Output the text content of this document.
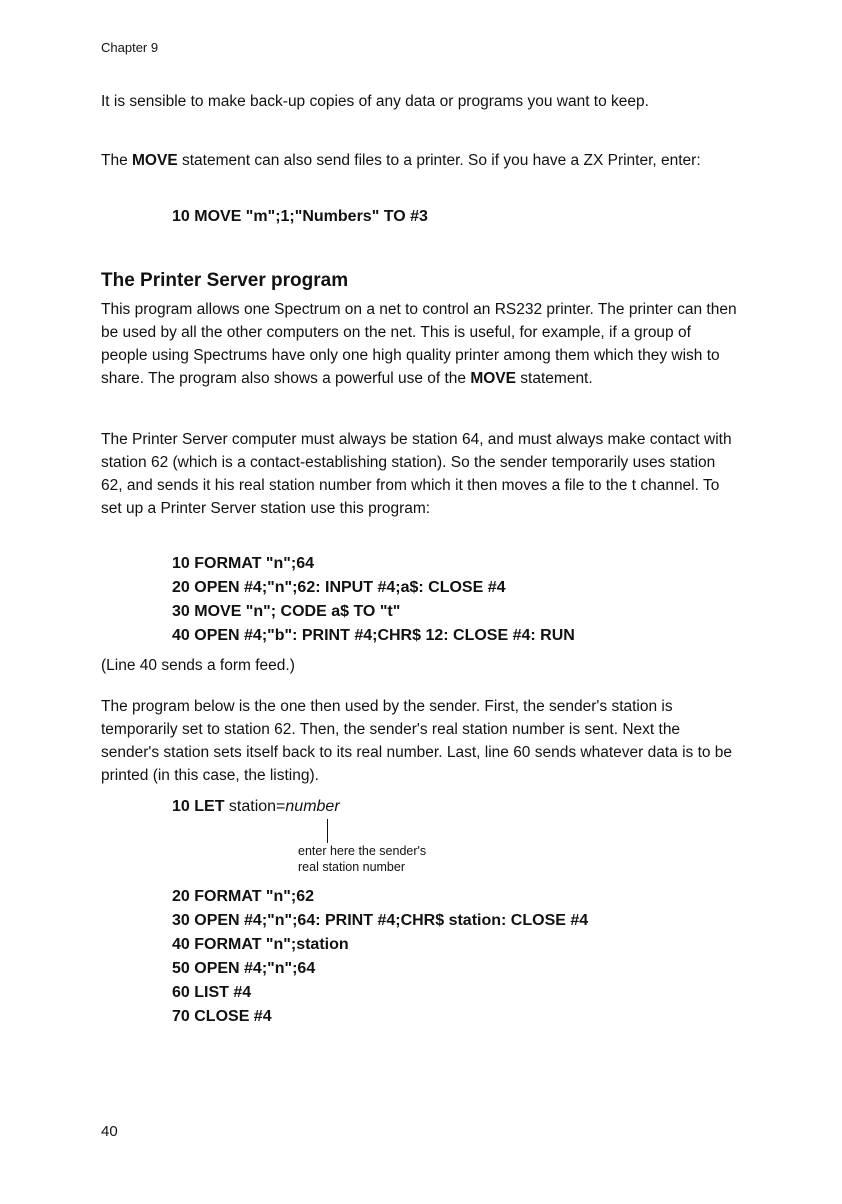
Chapter 9
It is sensible to make back-up copies of any data or programs you want to keep.
The MOVE statement can also send files to a printer. So if you have a ZX Printer, enter:
10 MOVE "m";1;"Numbers" TO #3
The Printer Server program
This program allows one Spectrum on a net to control an RS232 printer. The printer can then be used by all the other computers on the net. This is useful, for example, if a group of people using Spectrums have only one high quality printer among them which they wish to share. The program also shows a powerful use of the MOVE statement.
The Printer Server computer must always be station 64, and must always make contact with station 62 (which is a contact-establishing station). So the sender temporarily uses station 62, and sends it his real station number from which it then moves a file to the t channel. To set up a Printer Server station use this program:
10 FORMAT "n";64
20 OPEN #4;"n";62: INPUT #4;a$: CLOSE #4
30 MOVE "n"; CODE a$ TO "t"
40 OPEN #4;"b": PRINT #4;CHR$ 12: CLOSE #4: RUN
(Line 40 sends a form feed.)
The program below is the one then used by the sender. First, the sender's station is temporarily set to station 62. Then, the sender's real station number is sent. Next the sender's station sets itself back to its real number. Last, line 60 sends whatever data is to be printed (in this case, the listing).
10 LET station=number
enter here the sender's
real station number
20 FORMAT "n";62
30 OPEN #4;"n";64: PRINT #4;CHR$ station: CLOSE #4
40 FORMAT "n";station
50 OPEN #4;"n";64
60 LIST #4
70 CLOSE #4
40
